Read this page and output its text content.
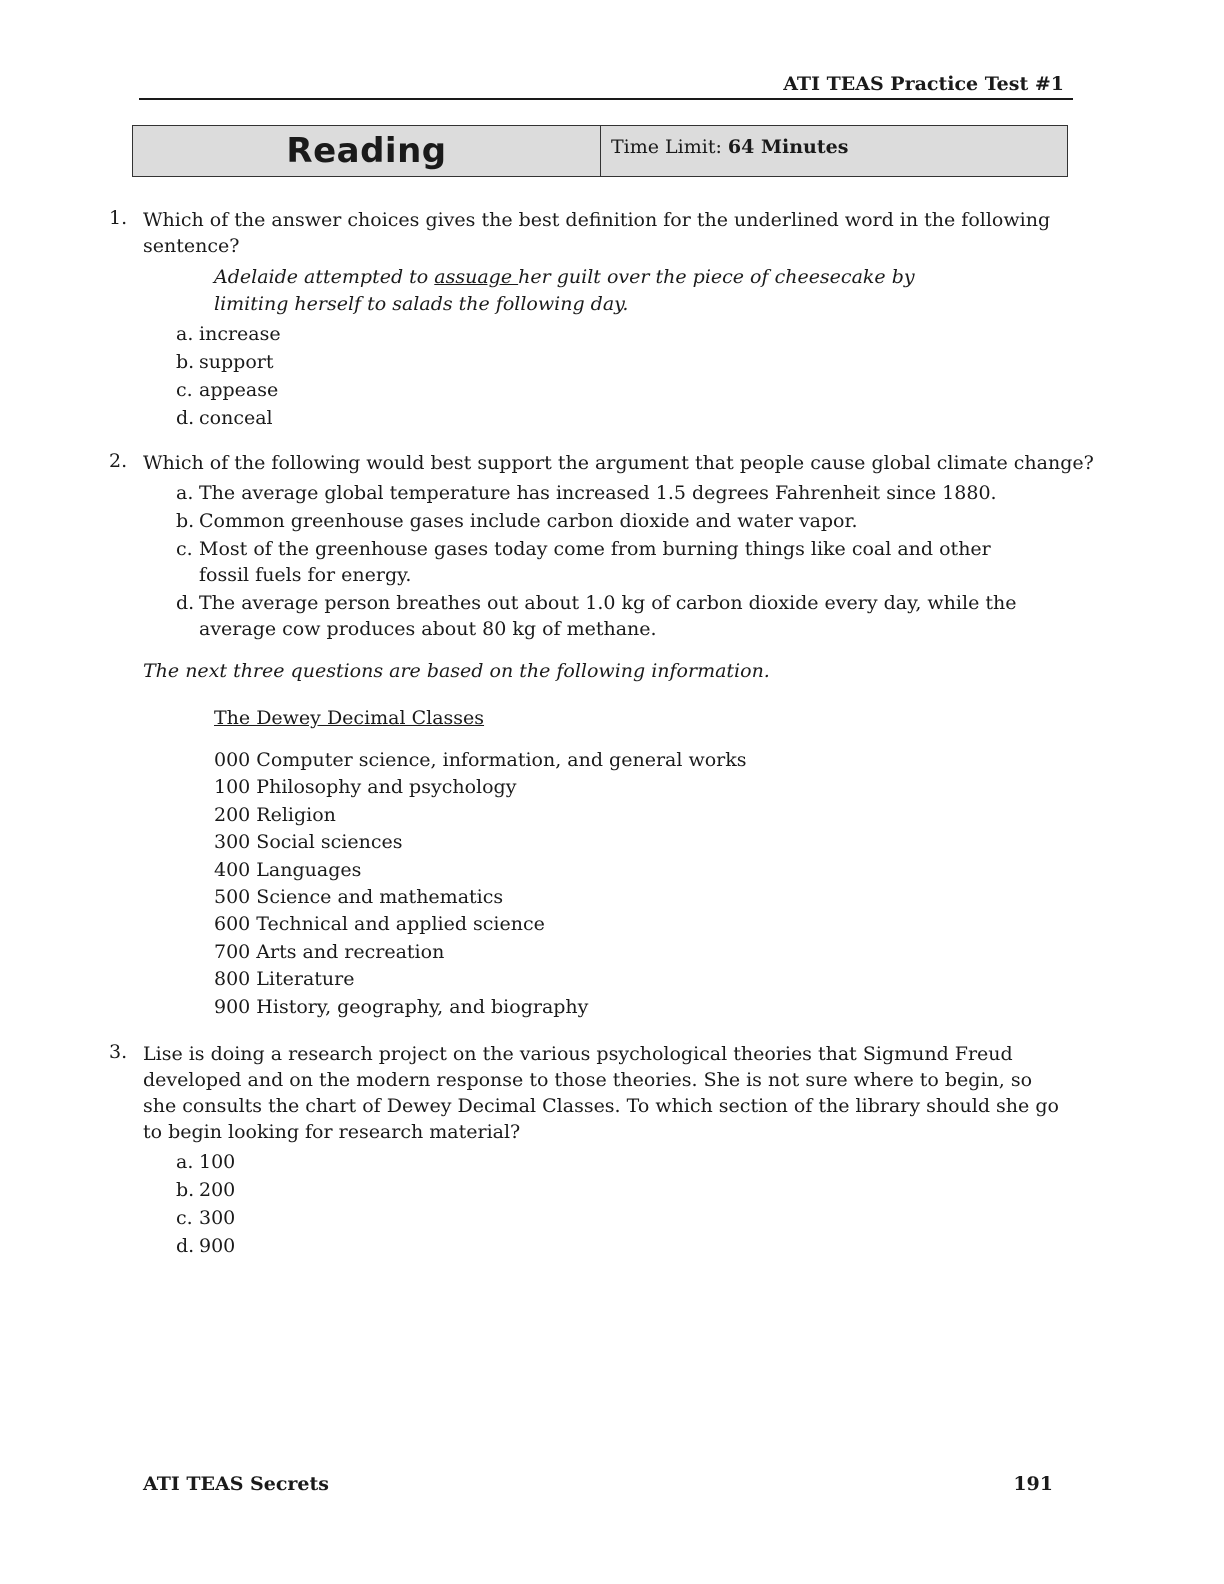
ATI TEAS Practice Test #1
Reading	Time Limit: 64 Minutes
1. Which of the answer choices gives the best definition for the underlined word in the following sentence?
Adelaide attempted to assuage her guilt over the piece of cheesecake by limiting herself to salads the following day.
a. increase
b. support
c. appease
d. conceal
2. Which of the following would best support the argument that people cause global climate change?
a. The average global temperature has increased 1.5 degrees Fahrenheit since 1880.
b. Common greenhouse gases include carbon dioxide and water vapor.
c. Most of the greenhouse gases today come from burning things like coal and other fossil fuels for energy.
d. The average person breathes out about 1.0 kg of carbon dioxide every day, while the average cow produces about 80 kg of methane.
The next three questions are based on the following information.
The Dewey Decimal Classes
000 Computer science, information, and general works
100 Philosophy and psychology
200 Religion
300 Social sciences
400 Languages
500 Science and mathematics
600 Technical and applied science
700 Arts and recreation
800 Literature
900 History, geography, and biography
3. Lise is doing a research project on the various psychological theories that Sigmund Freud developed and on the modern response to those theories. She is not sure where to begin, so she consults the chart of Dewey Decimal Classes. To which section of the library should she go to begin looking for research material?
a. 100
b. 200
c. 300
d. 900
ATI TEAS Secrets	191
